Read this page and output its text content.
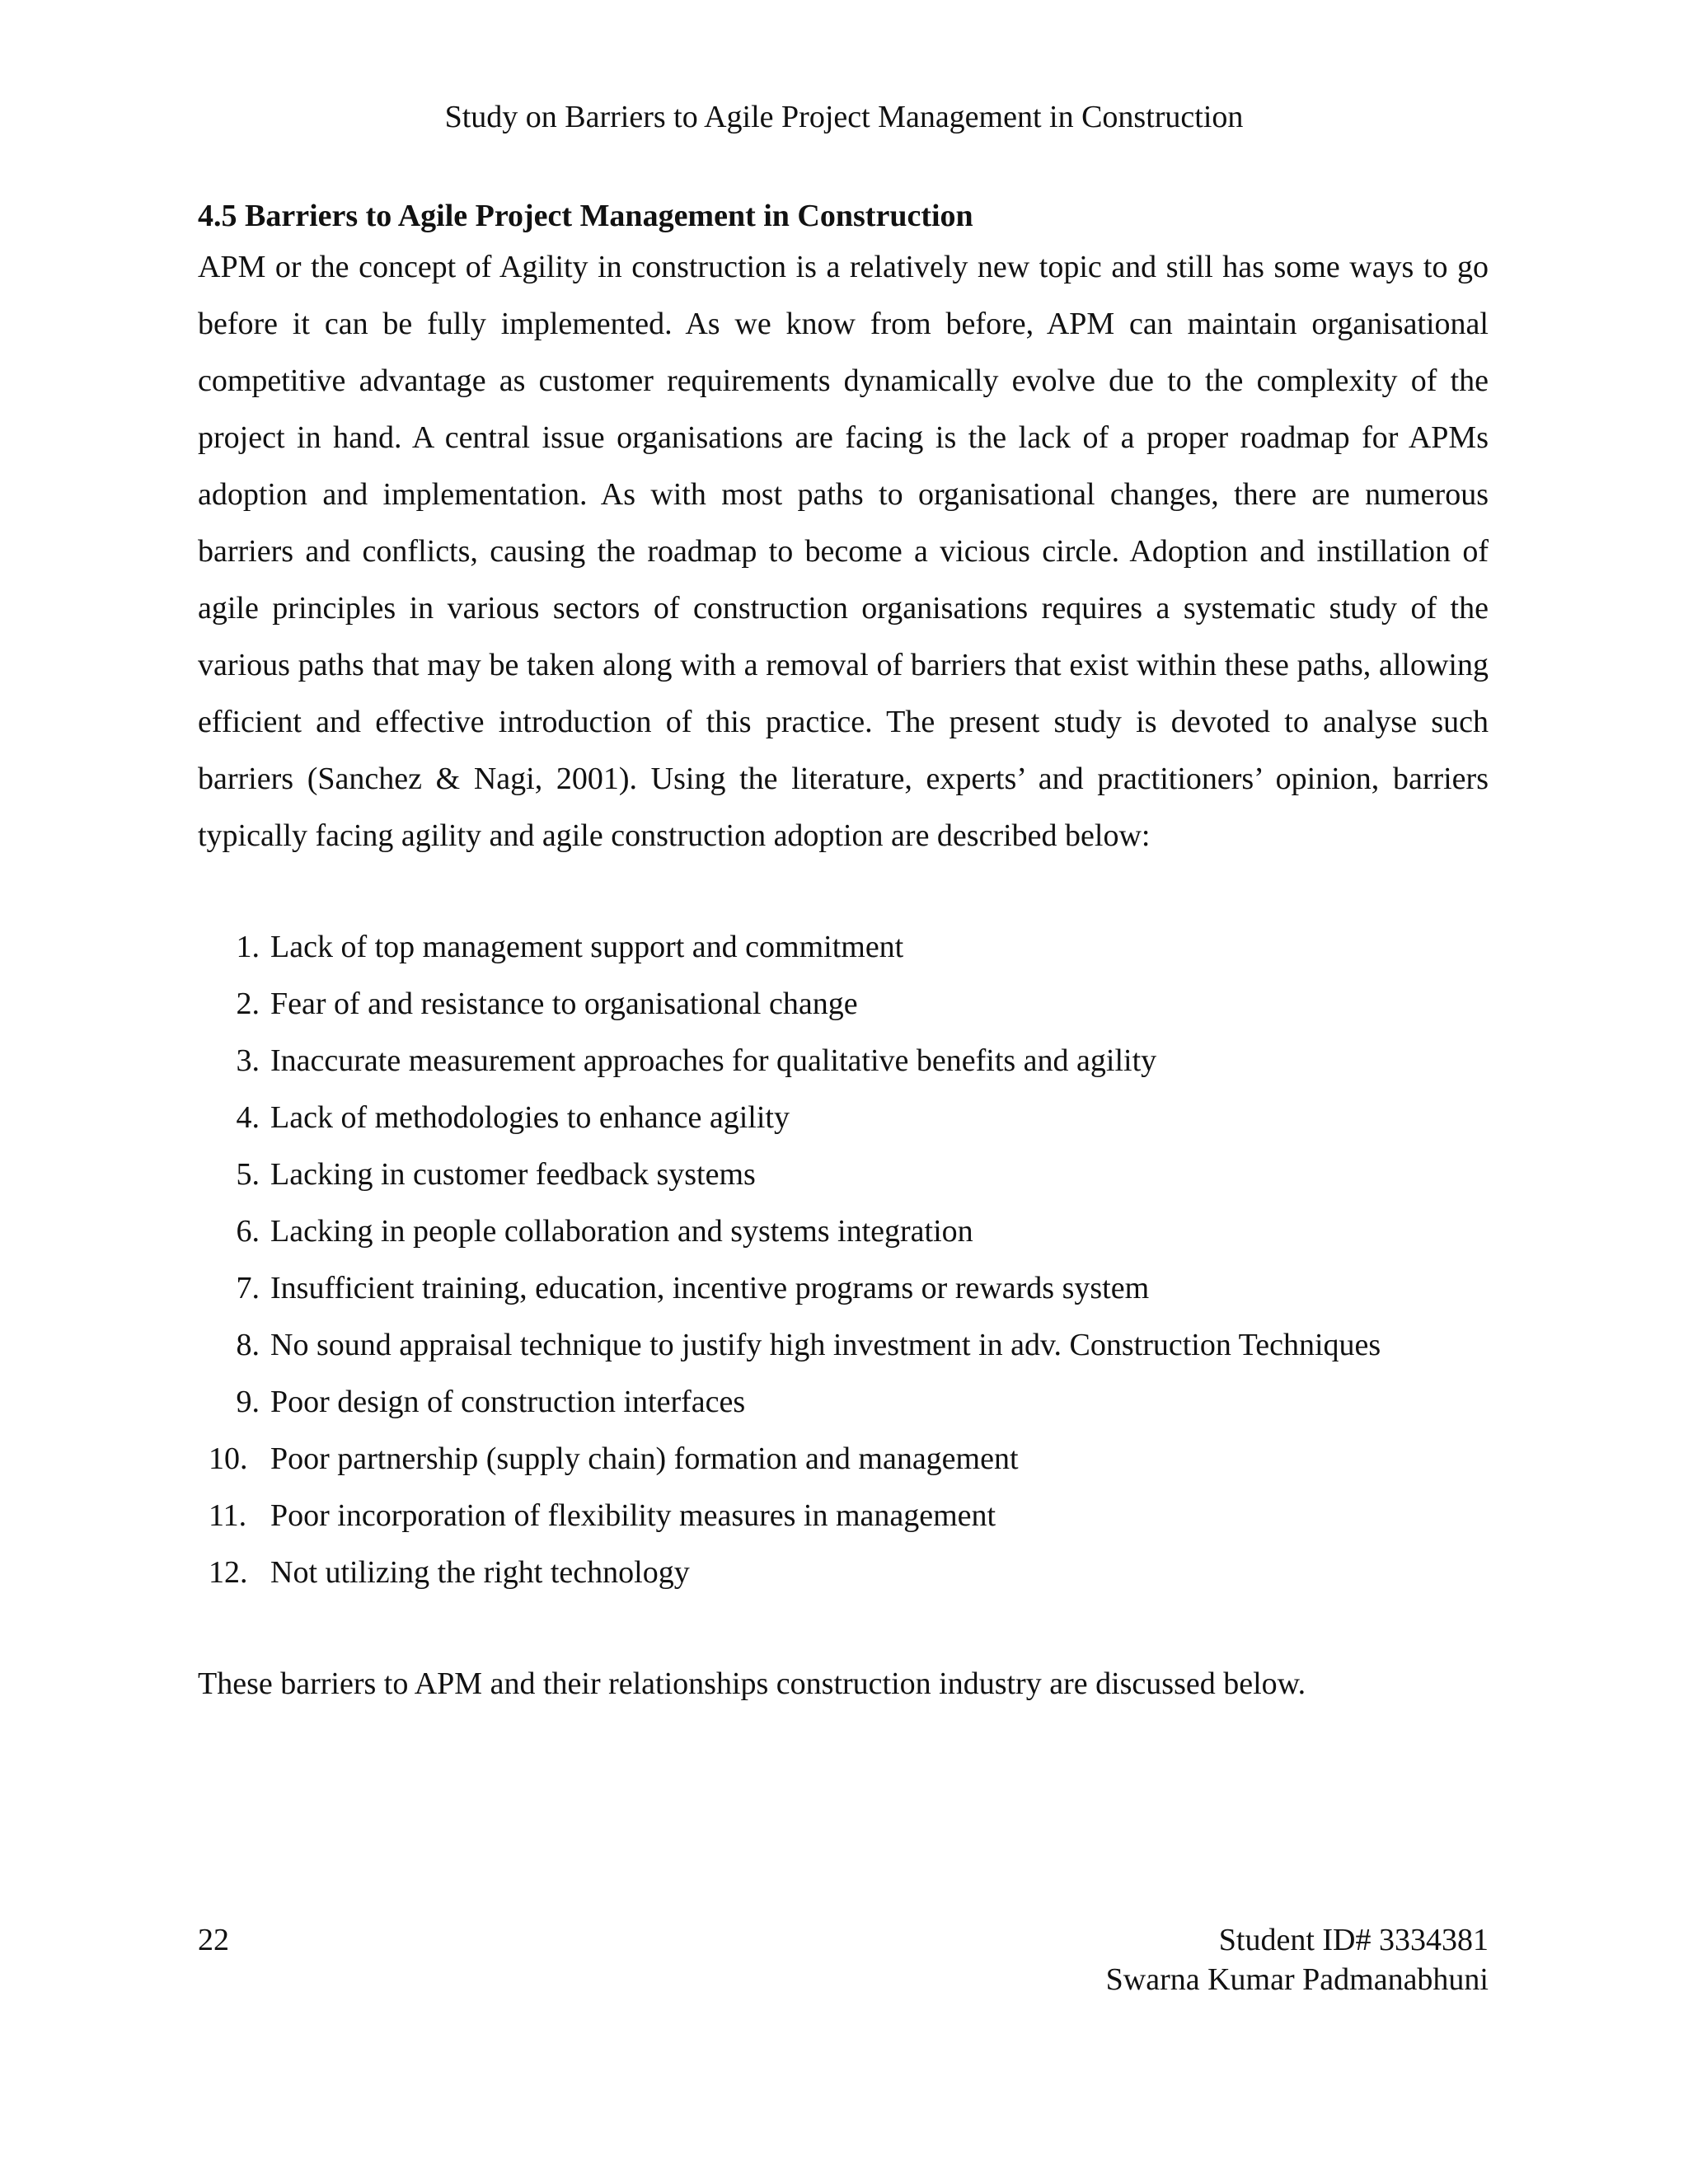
Study on Barriers to Agile Project Management in Construction
4.5 Barriers to Agile Project Management in Construction

APM or the concept of Agility in construction is a relatively new topic and still has some ways to go before it can be fully implemented. As we know from before, APM can maintain organisational competitive advantage as customer requirements dynamically evolve due to the complexity of the project in hand. A central issue organisations are facing is the lack of a proper roadmap for APMs adoption and implementation. As with most paths to organisational changes, there are numerous barriers and conflicts, causing the roadmap to become a vicious circle. Adoption and instillation of agile principles in various sectors of construction organisations requires a systematic study of the various paths that may be taken along with a removal of barriers that exist within these paths, allowing efficient and effective introduction of this practice. The present study is devoted to analyse such barriers (Sanchez & Nagi, 2001). Using the literature, experts’ and practitioners’ opinion, barriers typically facing agility and agile construction adoption are described below:

1. Lack of top management support and commitment
2. Fear of and resistance to organisational change
3. Inaccurate measurement approaches for qualitative benefits and agility
4. Lack of methodologies to enhance agility
5. Lacking in customer feedback systems
6. Lacking in people collaboration and systems integration
7. Insufficient training, education, incentive programs or rewards system
8. No sound appraisal technique to justify high investment in adv. Construction Techniques
9. Poor design of construction interfaces
10. Poor partnership (supply chain) formation and management
11. Poor incorporation of flexibility measures in management
12. Not utilizing the right technology

These barriers to APM and their relationships construction industry are discussed below.

22	Student ID# 3334381
Swarna Kumar Padmanabhuni
